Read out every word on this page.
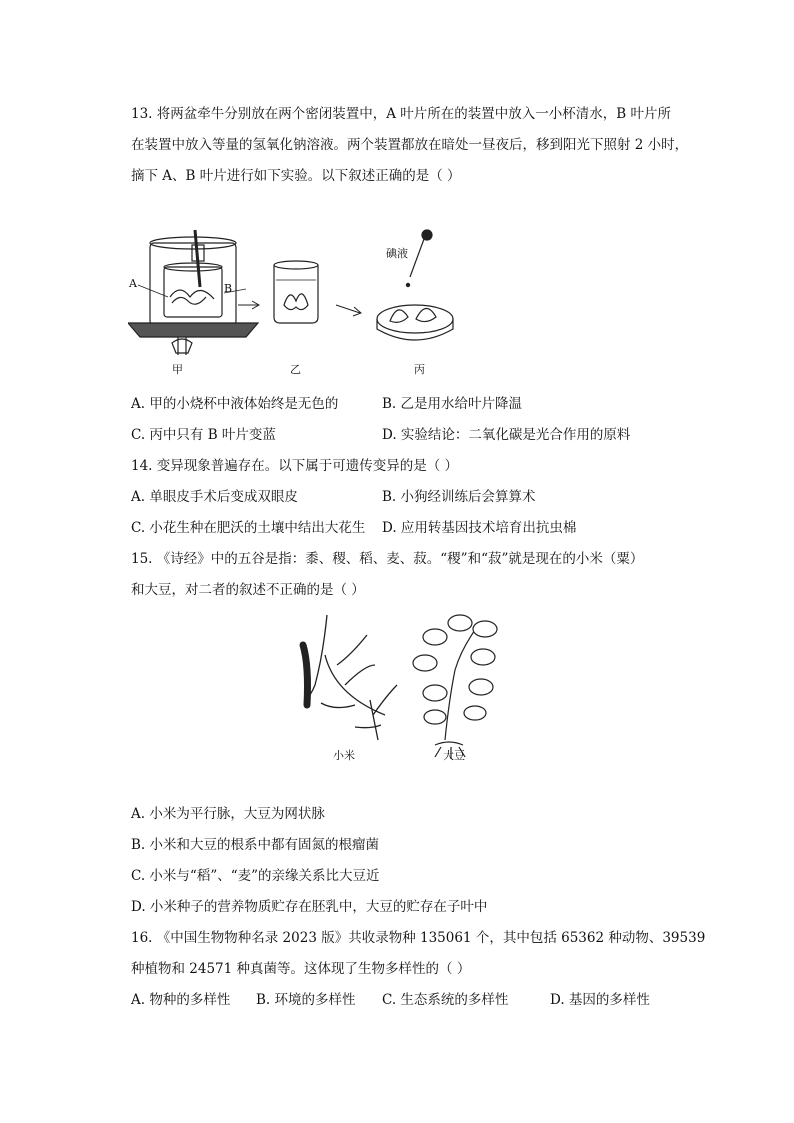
13. 将两盆牵牛分别放在两个密闭装置中，A 叶片所在的装置中放入一小杯清水，B 叶片所
在装置中放入等量的氢氧化钠溶液。两个装置都放在暗处一昼夜后，移到阳光下照射 2 小时，
摘下 A、B 叶片进行如下实验。以下叙述正确的是（ ）
A	B
碘液
甲	乙	丙
A. 甲的小烧杯中液体始终是无色的	B. 乙是用水给叶片降温
C. 丙中只有 B 叶片变蓝	D. 实验结论：二氧化碳是光合作用的原料
14. 变异现象普遍存在。以下属于可遗传变异的是（ ）
A. 单眼皮手术后变成双眼皮	B. 小狗经训练后会算算术
C. 小花生种在肥沃的土壤中结出大花生 D. 应用转基因技术培育出抗虫棉
15. 《诗经》中的五谷是指：黍、稷、稻、麦、菽。“稷”和“菽”就是现在的小米（粟）
和大豆，对二者的叙述不正确的是（ ）
小米	大豆
A. 小米为平行脉，大豆为网状脉
B. 小米和大豆的根系中都有固氮的根瘤菌
C. 小米与“稻”、“麦”的亲缘关系比大豆近
D. 小米种子的营养物质贮存在胚乳中，大豆的贮存在子叶中
16. 《中国生物物种名录 2023 版》共收录物种 135061 个，其中包括 65362 种动物、39539
种植物和 24571 种真菌等。这体现了生物多样性的（ ）
A. 物种的多样性 B. 环境的多样性 C. 生态系统的多样性	D. 基因的多样性
